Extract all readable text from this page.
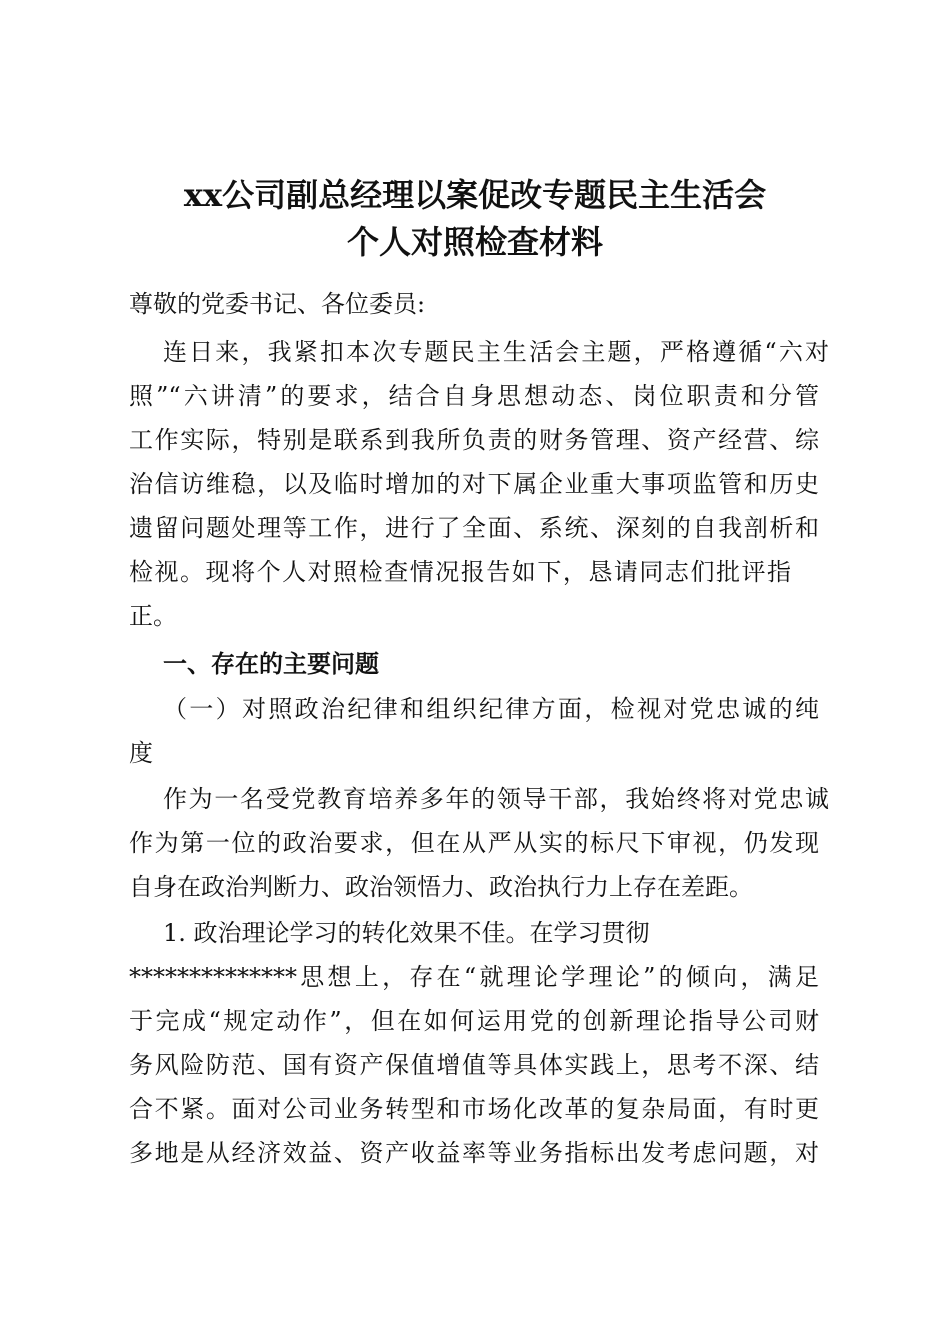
xx公司副总经理以案促改专题民主生活会
个人对照检查材料

尊敬的党委书记、各位委员:

连日来，我紧扣本次专题民主生活会主题，严格遵循“六对

照”“六讲清”的要求，结合自身思想动态、岗位职责和分管

工作实际，特别是联系到我所负责的财务管理、资产经营、综

治信访维稳，以及临时增加的对下属企业重大事项监管和历史

遗留问题处理等工作，进行了全面、系统、深刻的自我剖析和

检视。现将个人对照检查情况报告如下，恳请同志们批评指

正。

一、存在的主要问题

（一）对照政治纪律和组织纪律方面，检视对党忠诚的纯

度

作为一名受党教育培养多年的领导干部，我始终将对党忠诚

作为第一位的政治要求，但在从严从实的标尺下审视，仍发现

自身在政治判断力、政治领悟力、政治执行力上存在差距。

1. 政治理论学习的转化效果不佳。在学习贯彻

**************思想上，存在“就理论学理论”的倾向，满足

于完成“规定动作”，但在如何运用党的创新理论指导公司财

务风险防范、国有资产保值增值等具体实践上，思考不深、结

合不紧。面对公司业务转型和市场化改革的复杂局面，有时更

多地是从经济效益、资产收益率等业务指标出发考虑问题，对
